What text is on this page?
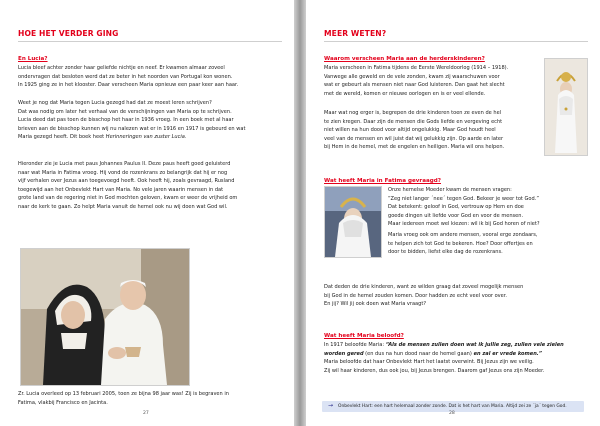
HOE HET VERDER GING
En Lucia?
Lucia bleef achter zonder haar geliefde nichtje en neef. Er kwamen almaar zoveel
ondervragen dat besloten werd dat ze beter in het noorden van Portugal kon wonen.
In 1925 ging ze in het klooster. Daar verscheen Maria opnieuw een paar keer aan haar.
Weet je nog dat Maria tegen Lucia gezegd had dat ze moest leren schrijven?
Dat was nodig om later het verhaal van de verschijningen van Maria op te schrijven.
Lucia deed dat pas toen de bisschop het haar in 1936 vroeg. In een boek met al haar
brieven aan de bisschop kunnen wij nu nalezen wat er in 1916 en 1917 is gebeurd en wat
Maria gezegd heeft. Dit boek heet Herinneringen van zuster Lucia.
Hieronder zie je Lucia met paus Johannes Paulus II. Deze paus heeft goed geluisterd
naar wat Maria in Fatima vroeg. Hij vond de rozenkrans zo belangrijk dat hij er nog
vijf verhalen over Jezus aan toegevoegd heeft. Ook heeft hij, zoals gevraagd, Rusland
toegewijd aan het Onbevlekt Hart van Maria. No vele jaren waarin mensen in dat
grote land van de regering niet in God mochten geloven, kwam er weer de vrijheid om
naar de kerk te gaan. Zo helpt Maria vanuit de hemel ook nu wij doen wat God wil.
Zr. Lucia overleed op 13 februari 2005, toen ze bijna 98 jaar was! Zij is begraven in
Fatima, vlakbij Francisco en Jacinta.
27
MEER WETEN?
Waarom verscheen Maria aan de herderskinderen?
Maria verscheen in Fatima tijdens de Eerste Wereldoorlog (1914 – 1918).
Vanwege alle geweld en de vele zonden, kwam zij waarschuwen voor
wat er gebeurt als mensen niet naar God luisteren. Dan gaat het slecht
met de wereld, komen er nieuwe oorlogen en is er veel ellende.
Maar wat nog erger is, begrepen de drie kinderen toen ze even de hel
te zien kregen. Daar zijn de mensen die Gods liefde en vergeving echt
niet willen na hun dood voor altijd ongelukkig. Maar God houdt heel
veel van de mensen en wil juist dat wij gelukkig zijn. Op aarde en later
bij Hem in de hemel, met de engelen en heiligen. Maria wil ons helpen.
Wat heeft Maria in Fatima gevraagd?
Onze hemelse Moeder kwam de mensen vragen:
“Zeg niet langer ´nee´ tegen God. Bekeer je weer tot God.”
Dat betekent: geloof in God, vertrouw op Hem en doe
goede dingen uit liefde voor God en voor de mensen.
Maar iedereen moet wel kiezen: wil ik bij God horen of niet?
Maria vroeg ook om andere mensen, vooral erge zondaars,
te helpen zich tot God te bekeren. Hoe? Door offertjes en
door te bidden, liefst elke dag de rozenkrans.
Dat deden de drie kinderen, want ze wilden graag dat zoveel mogelijk mensen
bij God in de hemel zouden komen. Door hadden ze echt veel voor over.
En jij? Wil jij ook doen wat Maria vraagt?
Wat heeft Maria beloofd?
In 1917 beloofde Maria: “Als de mensen zullen doen wat ik jullie zeg, zullen vele zielen
worden gered (en dus na hun dood naar de hemel gaan) en zal er vrede komen.”
Maria beloofde dat haar Onbevlekt Hart het laatst overwint. Bij Jezus zijn we veilig.
Zij wil haar kinderen, dus ook jou, bij Jezus brengen. Daarom gaf Jezus ons zijn Moeder.
→ Onbevlekt Hart: een hart helemaal zonder zonde. Dat is het hart van Maria. Altijd zei ze ´ja´ tegen God.
28
